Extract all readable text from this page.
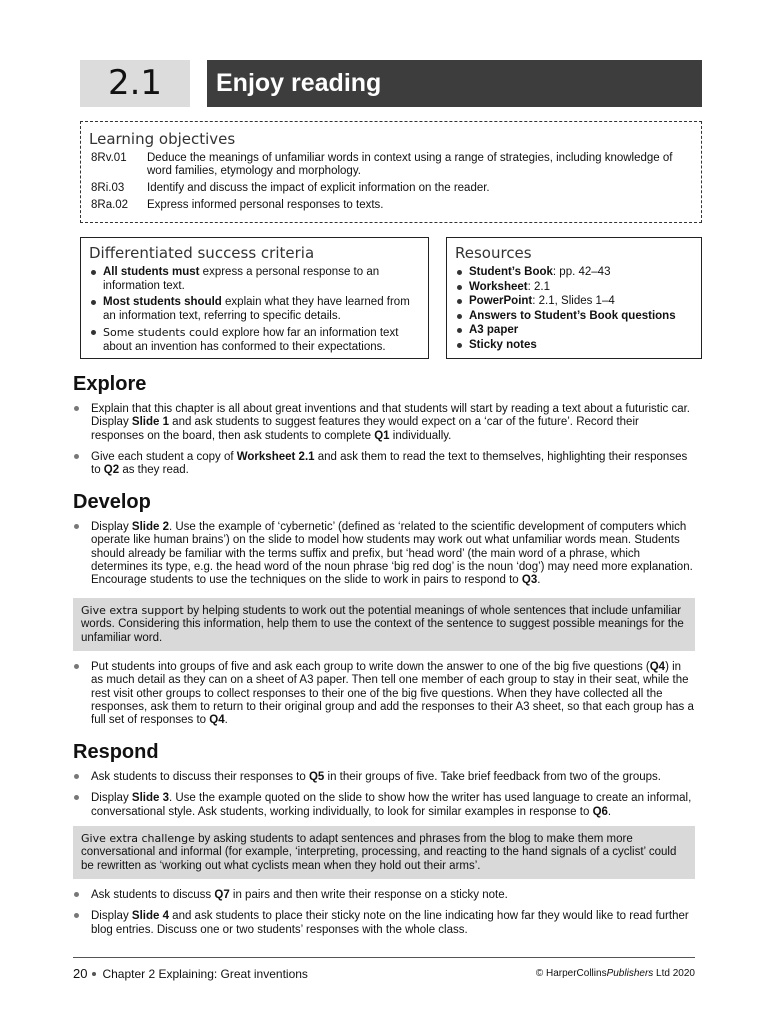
2.1	Enjoy reading
Learning objectives
8Rv.01	Deduce the meanings of unfamiliar words in context using a range of strategies, including knowledge of word families, etymology and morphology.
8Ri.03	Identify and discuss the impact of explicit information on the reader.
8Ra.02	Express informed personal responses to texts.
Differentiated success criteria
All students must express a personal response to an information text.
Most students should explain what they have learned from an information text, referring to specific details.
Some students could explore how far an information text about an invention has conformed to their expectations.
Resources
Student’s Book: pp. 42–43
Worksheet: 2.1
PowerPoint: 2.1, Slides 1–4
Answers to Student’s Book questions
A3 paper
Sticky notes
Explore
Explain that this chapter is all about great inventions and that students will start by reading a text about a futuristic car. Display Slide 1 and ask students to suggest features they would expect on a ‘car of the future’. Record their responses on the board, then ask students to complete Q1 individually.
Give each student a copy of Worksheet 2.1 and ask them to read the text to themselves, highlighting their responses to Q2 as they read.
Develop
Display Slide 2. Use the example of ‘cybernetic’ (defined as ‘related to the scientific development of computers which operate like human brains’) on the slide to model how students may work out what unfamiliar words mean. Students should already be familiar with the terms suffix and prefix, but ‘head word’ (the main word of a phrase, which determines its type, e.g. the head word of the noun phrase ‘big red dog’ is the noun ‘dog’) may need more explanation. Encourage students to use the techniques on the slide to work in pairs to respond to Q3.
Give extra support by helping students to work out the potential meanings of whole sentences that include unfamiliar words. Considering this information, help them to use the context of the sentence to suggest possible meanings for the unfamiliar word.
Put students into groups of five and ask each group to write down the answer to one of the big five questions (Q4) in as much detail as they can on a sheet of A3 paper. Then tell one member of each group to stay in their seat, while the rest visit other groups to collect responses to their one of the big five questions. When they have collected all the responses, ask them to return to their original group and add the responses to their A3 sheet, so that each group has a full set of responses to Q4.
Respond
Ask students to discuss their responses to Q5 in their groups of five. Take brief feedback from two of the groups.
Display Slide 3. Use the example quoted on the slide to show how the writer has used language to create an informal, conversational style. Ask students, working individually, to look for similar examples in response to Q6.
Give extra challenge by asking students to adapt sentences and phrases from the blog to make them more conversational and informal (for example, ‘interpreting, processing, and reacting to the hand signals of a cyclist’ could be rewritten as ‘working out what cyclists mean when they hold out their arms’.
Ask students to discuss Q7 in pairs and then write their response on a sticky note.
Display Slide 4 and ask students to place their sticky note on the line indicating how far they would like to read further blog entries. Discuss one or two students’ responses with the whole class.
20 Chapter 2 Explaining: Great inventions	© HarperCollinsPublishers Ltd 2020
